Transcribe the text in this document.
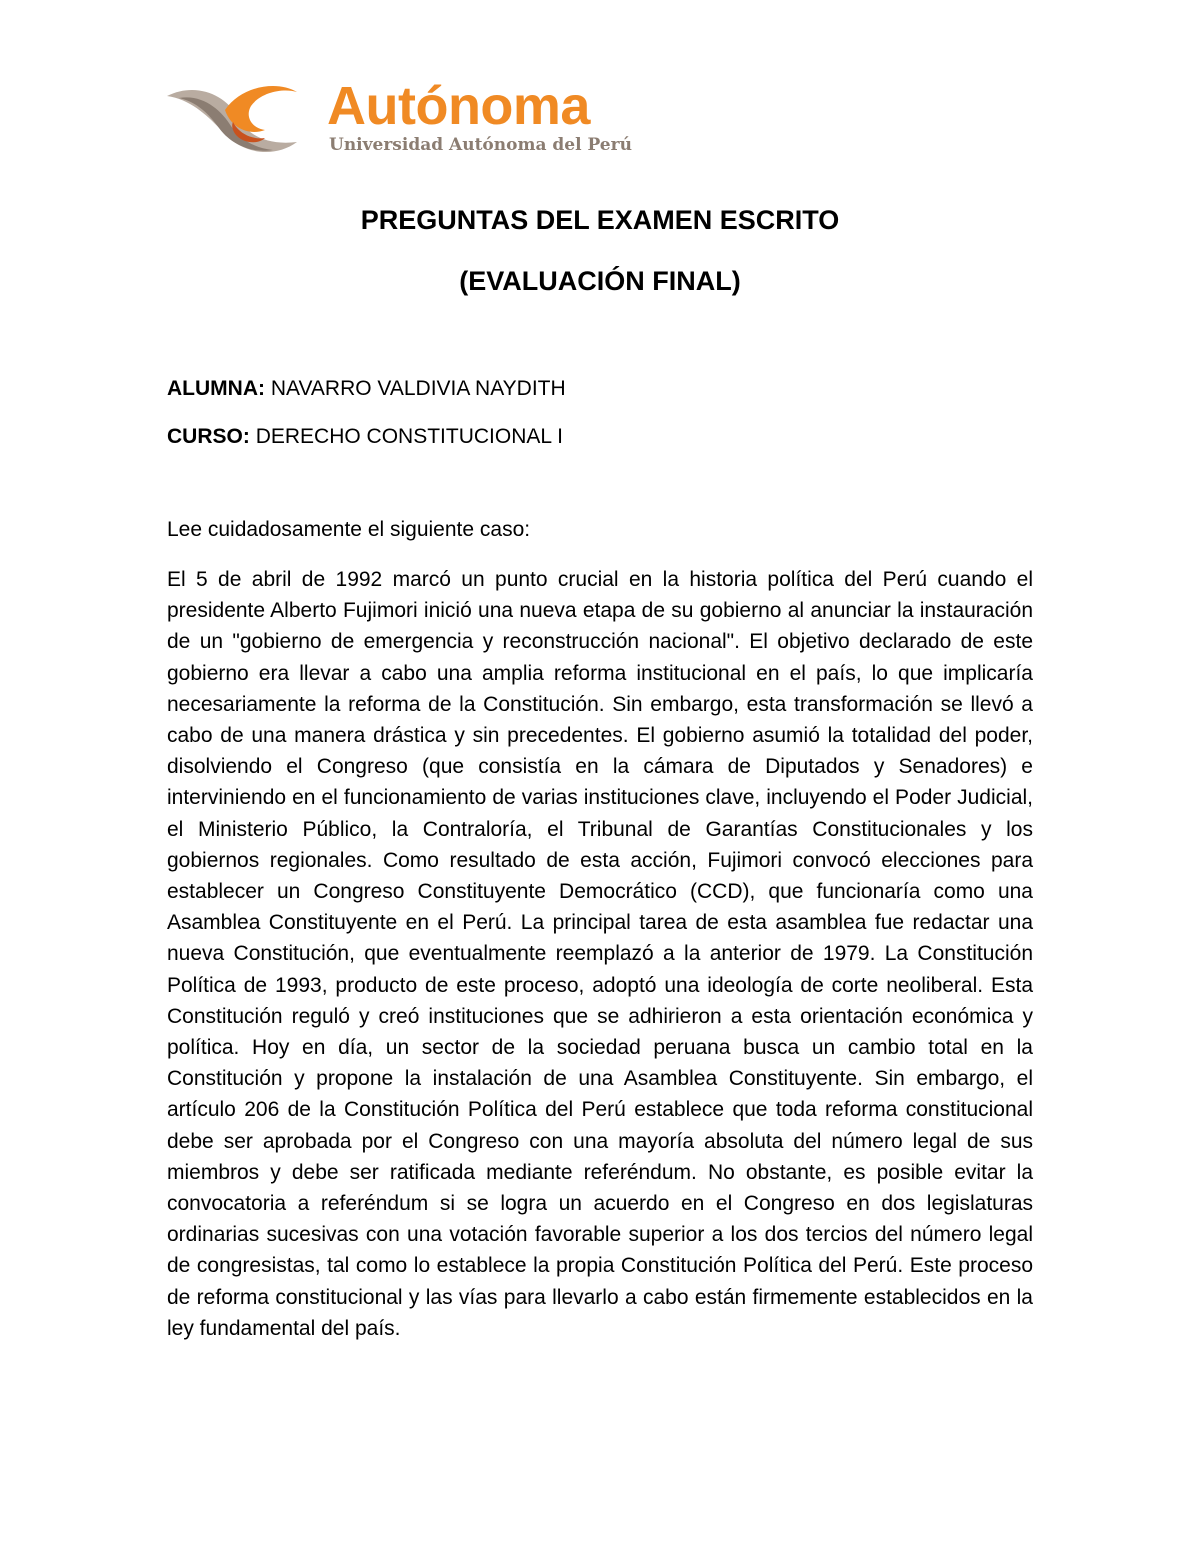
Autónoma
Universidad Autónoma del Perú
PREGUNTAS DEL EXAMEN ESCRITO
(EVALUACIÓN FINAL)
ALUMNA: NAVARRO VALDIVIA NAYDITH
CURSO: DERECHO CONSTITUCIONAL I
Lee cuidadosamente el siguiente caso:

El 5 de abril de 1992 marcó un punto crucial en la historia política del Perú cuando el presidente Alberto Fujimori inició una nueva etapa de su gobierno al anunciar la instauración de un "gobierno de emergencia y reconstrucción nacional". El objetivo declarado de este gobierno era llevar a cabo una amplia reforma institucional en el país, lo que implicaría necesariamente la reforma de la Constitución. Sin embargo, esta transformación se llevó a cabo de una manera drástica y sin precedentes. El gobierno asumió la totalidad del poder, disolviendo el Congreso (que consistía en la cámara de Diputados y Senadores) e interviniendo en el funcionamiento de varias instituciones clave, incluyendo el Poder Judicial, el Ministerio Público, la Contraloría, el Tribunal de Garantías Constitucionales y los gobiernos regionales. Como resultado de esta acción, Fujimori convocó elecciones para establecer un Congreso Constituyente Democrático (CCD), que funcionaría como una Asamblea Constituyente en el Perú. La principal tarea de esta asamblea fue redactar una nueva Constitución, que eventualmente reemplazó a la anterior de 1979. La Constitución Política de 1993, producto de este proceso, adoptó una ideología de corte neoliberal. Esta Constitución reguló y creó instituciones que se adhirieron a esta orientación económica y política. Hoy en día, un sector de la sociedad peruana busca un cambio total en la Constitución y propone la instalación de una Asamblea Constituyente. Sin embargo, el artículo 206 de la Constitución Política del Perú establece que toda reforma constitucional debe ser aprobada por el Congreso con una mayoría absoluta del número legal de sus miembros y debe ser ratificada mediante referéndum. No obstante, es posible evitar la convocatoria a referéndum si se logra un acuerdo en el Congreso en dos legislaturas ordinarias sucesivas con una votación favorable superior a los dos tercios del número legal de congresistas, tal como lo establece la propia Constitución Política del Perú. Este proceso de reforma constitucional y las vías para llevarlo a cabo están firmemente establecidos en la ley fundamental del país.
